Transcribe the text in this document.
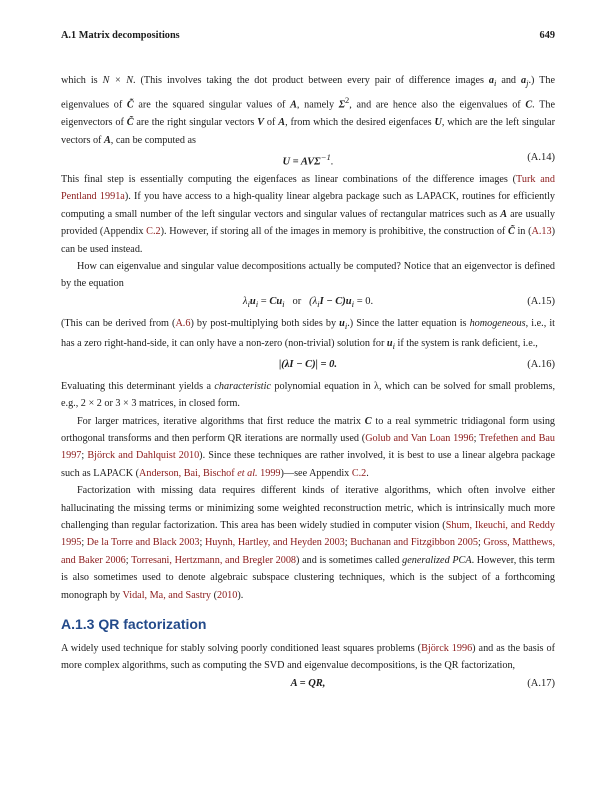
A.1 Matrix decompositions	649

which is N × N. (This involves taking the dot product between every pair of difference images $a_i$ and $a_j$.) The eigenvalues of C̃ are the squared singular values of A, namely $\Sigma^2$, and are hence also the eigenvalues of C. The eigenvectors of C̃ are the right singular vectors V of A, from which the desired eigenfaces U, which are the left singular vectors of A, can be computed as

$U = AV\Sigma^{-1}$.	(A.14)

This final step is essentially computing the eigenfaces as linear combinations of the difference images (Turk and Pentland 1991a). If you have access to a high-quality linear algebra package such as LAPACK, routines for efficiently computing a small number of the left singular vectors and singular values of rectangular matrices such as A are usually provided (Appendix C.2). However, if storing all of the images in memory is prohibitive, the construction of C̃ in (A.13) can be used instead.

How can eigenvalue and singular value decompositions actually be computed? Notice that an eigenvector is defined by the equation

$\lambda_iu_i = Cu_i$   or   $(\lambda_iI - C)u_i = 0$.	(A.15)

(This can be derived from (A.6) by post-multiplying both sides by $u_i$.) Since the latter equation is homogeneous, i.e., it has a zero right-hand-side, it can only have a non-zero (non-trivial) solution for $u_i$ if the system is rank deficient, i.e.,

|(λI − C)| = 0.	(A.16)

Evaluating this determinant yields a characteristic polynomial equation in λ, which can be solved for small problems, e.g., 2 × 2 or 3 × 3 matrices, in closed form.

For larger matrices, iterative algorithms that first reduce the matrix C to a real symmetric tridiagonal form using orthogonal transforms and then perform QR iterations are normally used (Golub and Van Loan 1996; Trefethen and Bau 1997; Björck and Dahlquist 2010). Since these techniques are rather involved, it is best to use a linear algebra package such as LAPACK (Anderson, Bai, Bischof et al. 1999)—see Appendix C.2.

Factorization with missing data requires different kinds of iterative algorithms, which often involve either hallucinating the missing terms or minimizing some weighted reconstruction metric, which is intrinsically much more challenging than regular factorization. This area has been widely studied in computer vision (Shum, Ikeuchi, and Reddy 1995; De la Torre and Black 2003; Huynh, Hartley, and Heyden 2003; Buchanan and Fitzgibbon 2005; Gross, Matthews, and Baker 2006; Torresani, Hertzmann, and Bregler 2008) and is sometimes called generalized PCA. However, this term is also sometimes used to denote algebraic subspace clustering techniques, which is the subject of a forthcoming monograph by Vidal, Ma, and Sastry (2010).

A.1.3 QR factorization

A widely used technique for stably solving poorly conditioned least squares problems (Björck 1996) and as the basis of more complex algorithms, such as computing the SVD and eigenvalue decompositions, is the QR factorization,

A = QR,	(A.17)
